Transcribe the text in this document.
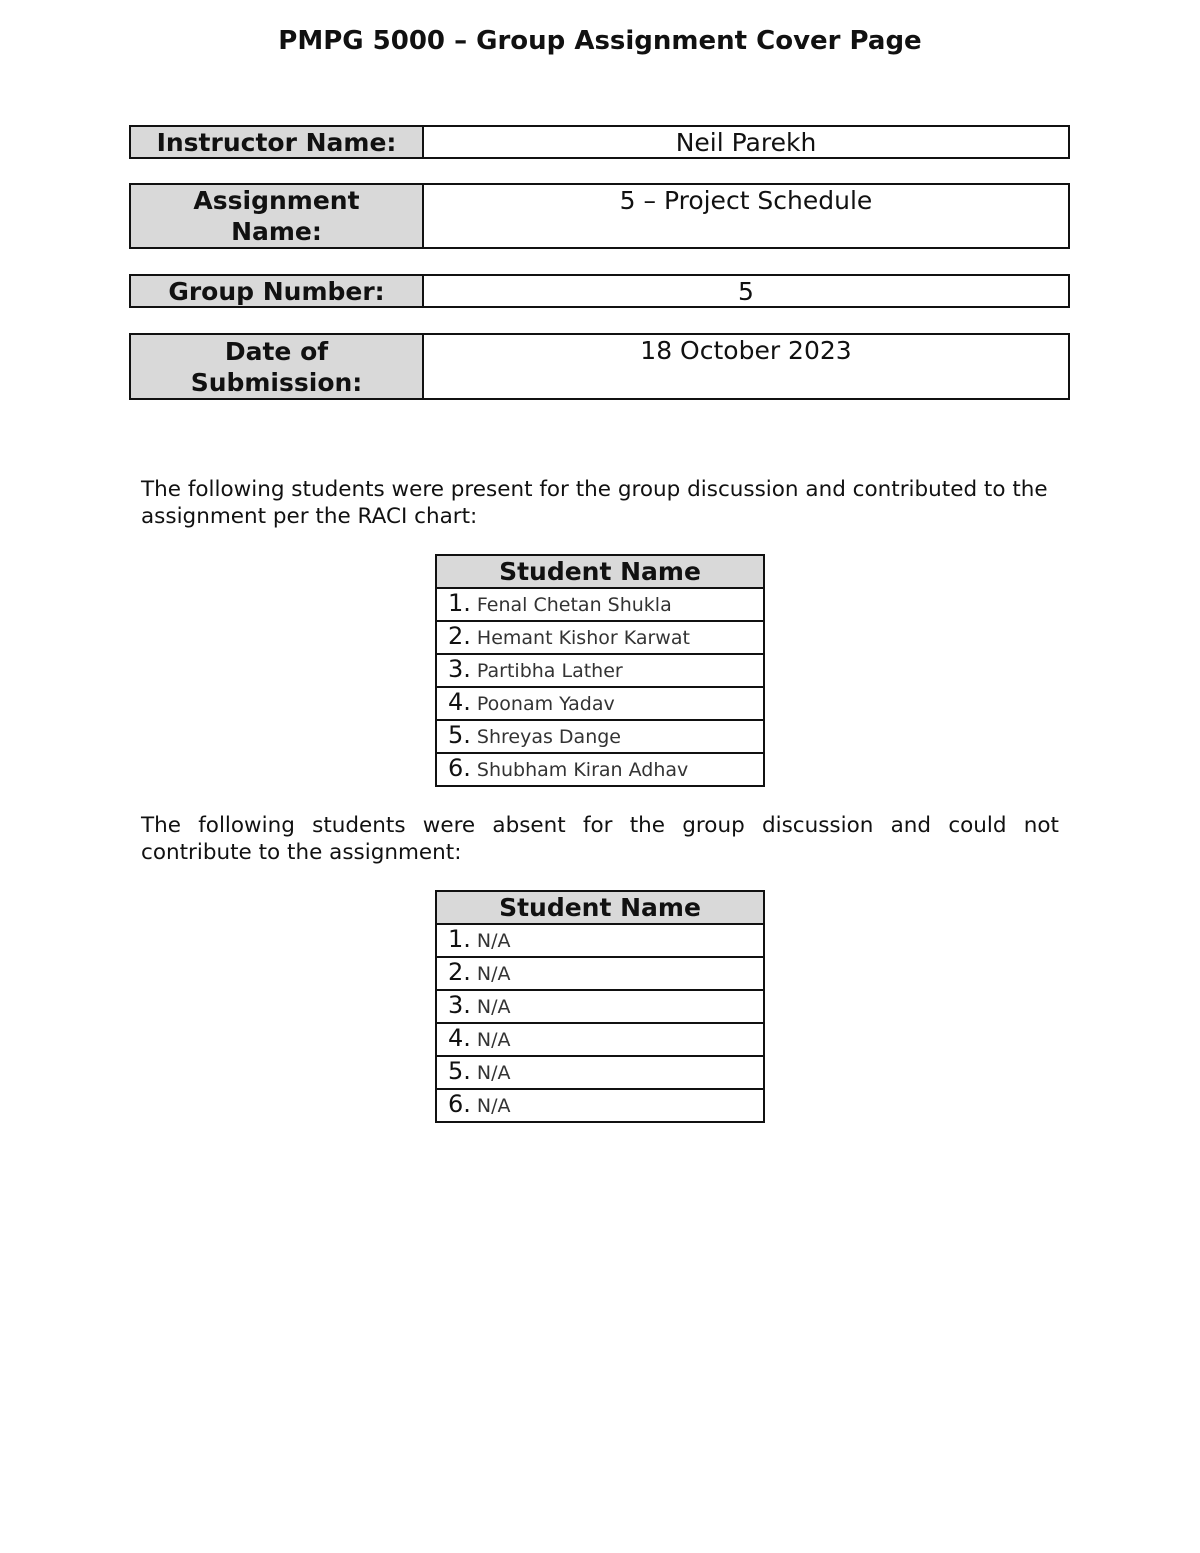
PMPG 5000 – Group Assignment Cover Page
Instructor Name:	Neil Parekh
Assignment
Name:
5 – Project Schedule
Group Number:	5
Date of
Submission:
18 October 2023
The following students were present for the group discussion and contributed to the assignment per the RACI chart:
Student Name
1. Fenal Chetan Shukla
2. Hemant Kishor Karwat
3. Partibha Lather
4. Poonam Yadav
5. Shreyas Dange
6. Shubham Kiran Adhav
The following students were absent for the group discussion and could not contribute to the assignment:
Student Name
1. N/A
2. N/A
3. N/A
4. N/A
5. N/A
6. N/A
